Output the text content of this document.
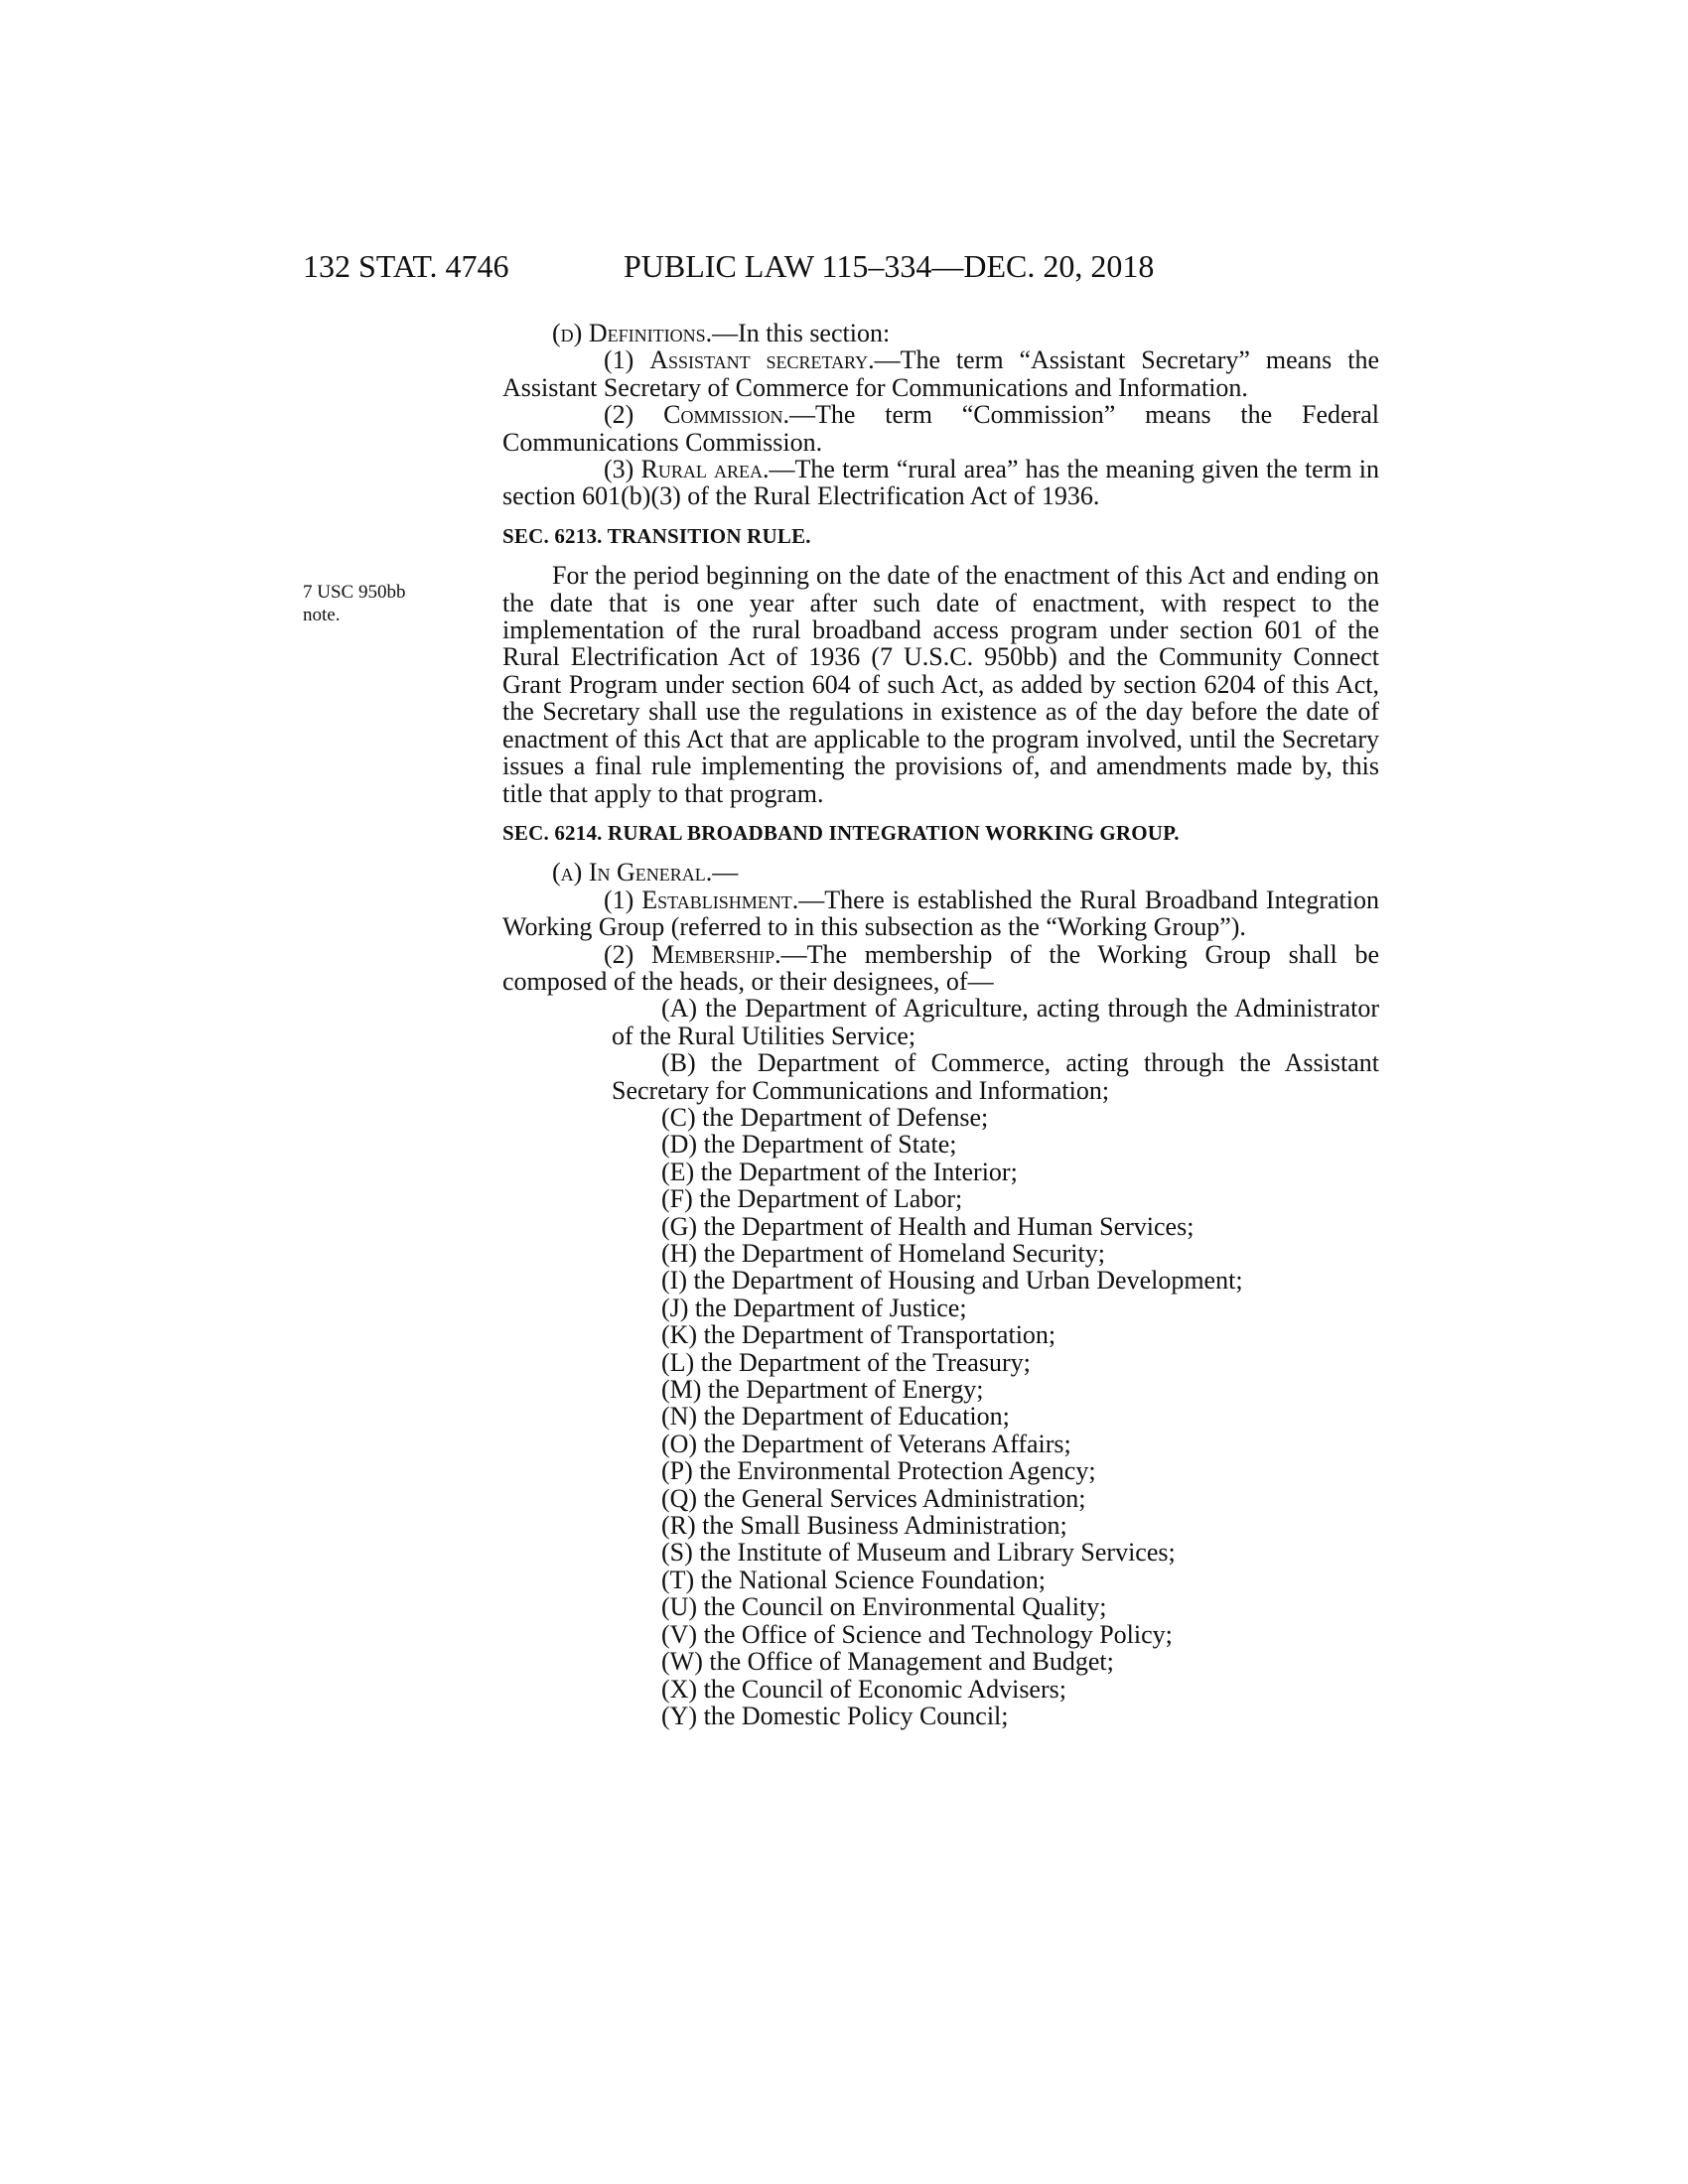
132 STAT. 4746	PUBLIC LAW 115–334—DEC. 20, 2018
7 USC 950bb
note.

(d) Definitions.—In this section:

(1) Assistant secretary.—The term “Assistant Secretary” means the Assistant Secretary of Commerce for Communications and Information.

(2) Commission.—The term “Commission” means the Federal Communications Commission.

(3) Rural area.—The term “rural area” has the meaning given the term in section 601(b)(3) of the Rural Electrification Act of 1936.

SEC. 6213. TRANSITION RULE.

For the period beginning on the date of the enactment of this Act and ending on the date that is one year after such date of enactment, with respect to the implementation of the rural broadband access program under section 601 of the Rural Electrification Act of 1936 (7 U.S.C. 950bb) and the Community Connect Grant Program under section 604 of such Act, as added by section 6204 of this Act, the Secretary shall use the regulations in existence as of the day before the date of enactment of this Act that are applicable to the program involved, until the Secretary issues a final rule implementing the provisions of, and amendments made by, this title that apply to that program.

SEC. 6214. RURAL BROADBAND INTEGRATION WORKING GROUP.

(a) In General.—

(1) Establishment.—There is established the Rural Broadband Integration Working Group (referred to in this subsection as the “Working Group”).

(2) Membership.—The membership of the Working Group shall be composed of the heads, or their designees, of—

(A) the Department of Agriculture, acting through the Administrator of the Rural Utilities Service;

(B) the Department of Commerce, acting through the Assistant Secretary for Communications and Information;

(C) the Department of Defense;

(D) the Department of State;

(E) the Department of the Interior;

(F) the Department of Labor;

(G) the Department of Health and Human Services;

(H) the Department of Homeland Security;

(I) the Department of Housing and Urban Development;

(J) the Department of Justice;

(K) the Department of Transportation;

(L) the Department of the Treasury;

(M) the Department of Energy;

(N) the Department of Education;

(O) the Department of Veterans Affairs;

(P) the Environmental Protection Agency;

(Q) the General Services Administration;

(R) the Small Business Administration;

(S) the Institute of Museum and Library Services;

(T) the National Science Foundation;

(U) the Council on Environmental Quality;

(V) the Office of Science and Technology Policy;

(W) the Office of Management and Budget;

(X) the Council of Economic Advisers;

(Y) the Domestic Policy Council;
